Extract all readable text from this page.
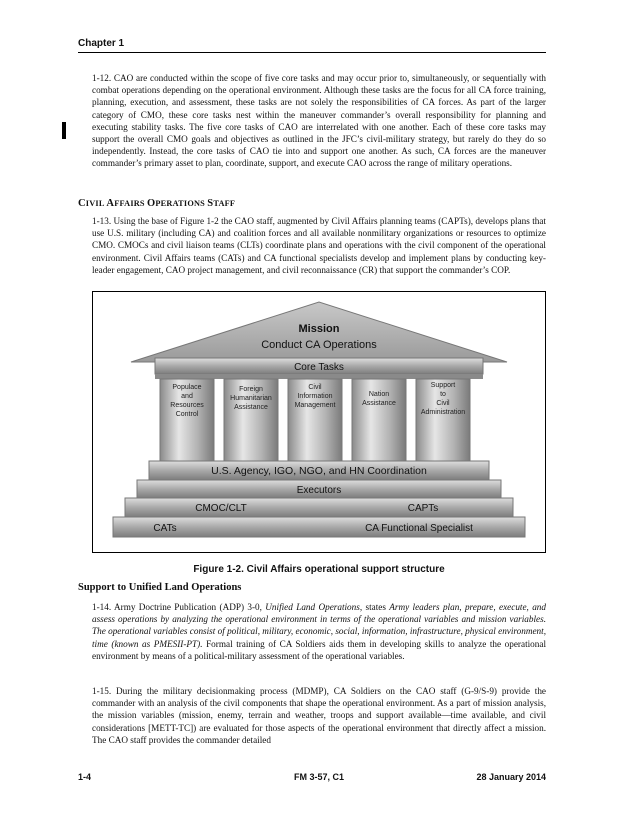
Chapter 1
1-12. CAO are conducted within the scope of five core tasks and may occur prior to, simultaneously, or sequentially with combat operations depending on the operational environment. Although these tasks are the focus for all CA force training, planning, execution, and assessment, these tasks are not solely the responsibilities of CA forces. As part of the larger category of CMO, these core tasks nest within the maneuver commander’s overall responsibility for planning and executing stability tasks. The five core tasks of CAO are interrelated with one another. Each of these core tasks may support the overall CMO goals and objectives as outlined in the JFC’s civil-military strategy, but rarely do they do so independently. Instead, the core tasks of CAO tie into and support one another. As such, CA forces are the maneuver commander’s primary asset to plan, coordinate, support, and execute CAO across the range of military operations.
CIVIL AFFAIRS OPERATIONS STAFF
1-13. Using the base of Figure 1-2 the CAO staff, augmented by Civil Affairs planning teams (CAPTs), develops plans that use U.S. military (including CA) and coalition forces and all available nonmilitary organizations or resources to optimize CMO. CMOCs and civil liaison teams (CLTs) coordinate plans and operations with the civil component of the operational environment. Civil Affairs teams (CATs) and CA functional specialists develop and implement plans by conducting key-leader engagement, CAO project management, and civil reconnaissance (CR) that support the commander’s COP.
Mission
Conduct CA Operations
Core Tasks
Populace
and
Resources
Control
Foreign
Humanitarian
Assistance
Civil
Information
Management
Nation
Assistance
Support
to
Civil
Administration
U.S. Agency, IGO, NGO, and HN Coordination
Executors
CMOC/CLT	CAPTs
CATs	CA Functional Specialist
Figure 1-2. Civil Affairs operational support structure
Support to Unified Land Operations
1-14. Army Doctrine Publication (ADP) 3-0, Unified Land Operations, states Army leaders plan, prepare, execute, and assess operations by analyzing the operational environment in terms of the operational variables and mission variables. The operational variables consist of political, military, economic, social, information, infrastructure, physical environment, time (known as PMESII-PT). Formal training of CA Soldiers aids them in developing skills to analyze the operational environment by means of a political-military assessment of the operational variables.
1-15. During the military decisionmaking process (MDMP), CA Soldiers on the CAO staff (G-9/S-9) provide the commander with an analysis of the civil components that shape the operational environment. As a part of mission analysis, the mission variables (mission, enemy, terrain and weather, troops and support available—time available, and civil considerations [METT-TC]) are evaluated for those aspects of the operational environment that directly affect a mission. The CAO staff provides the commander detailed
1-4	FM 3-57, C1	28 January 2014
